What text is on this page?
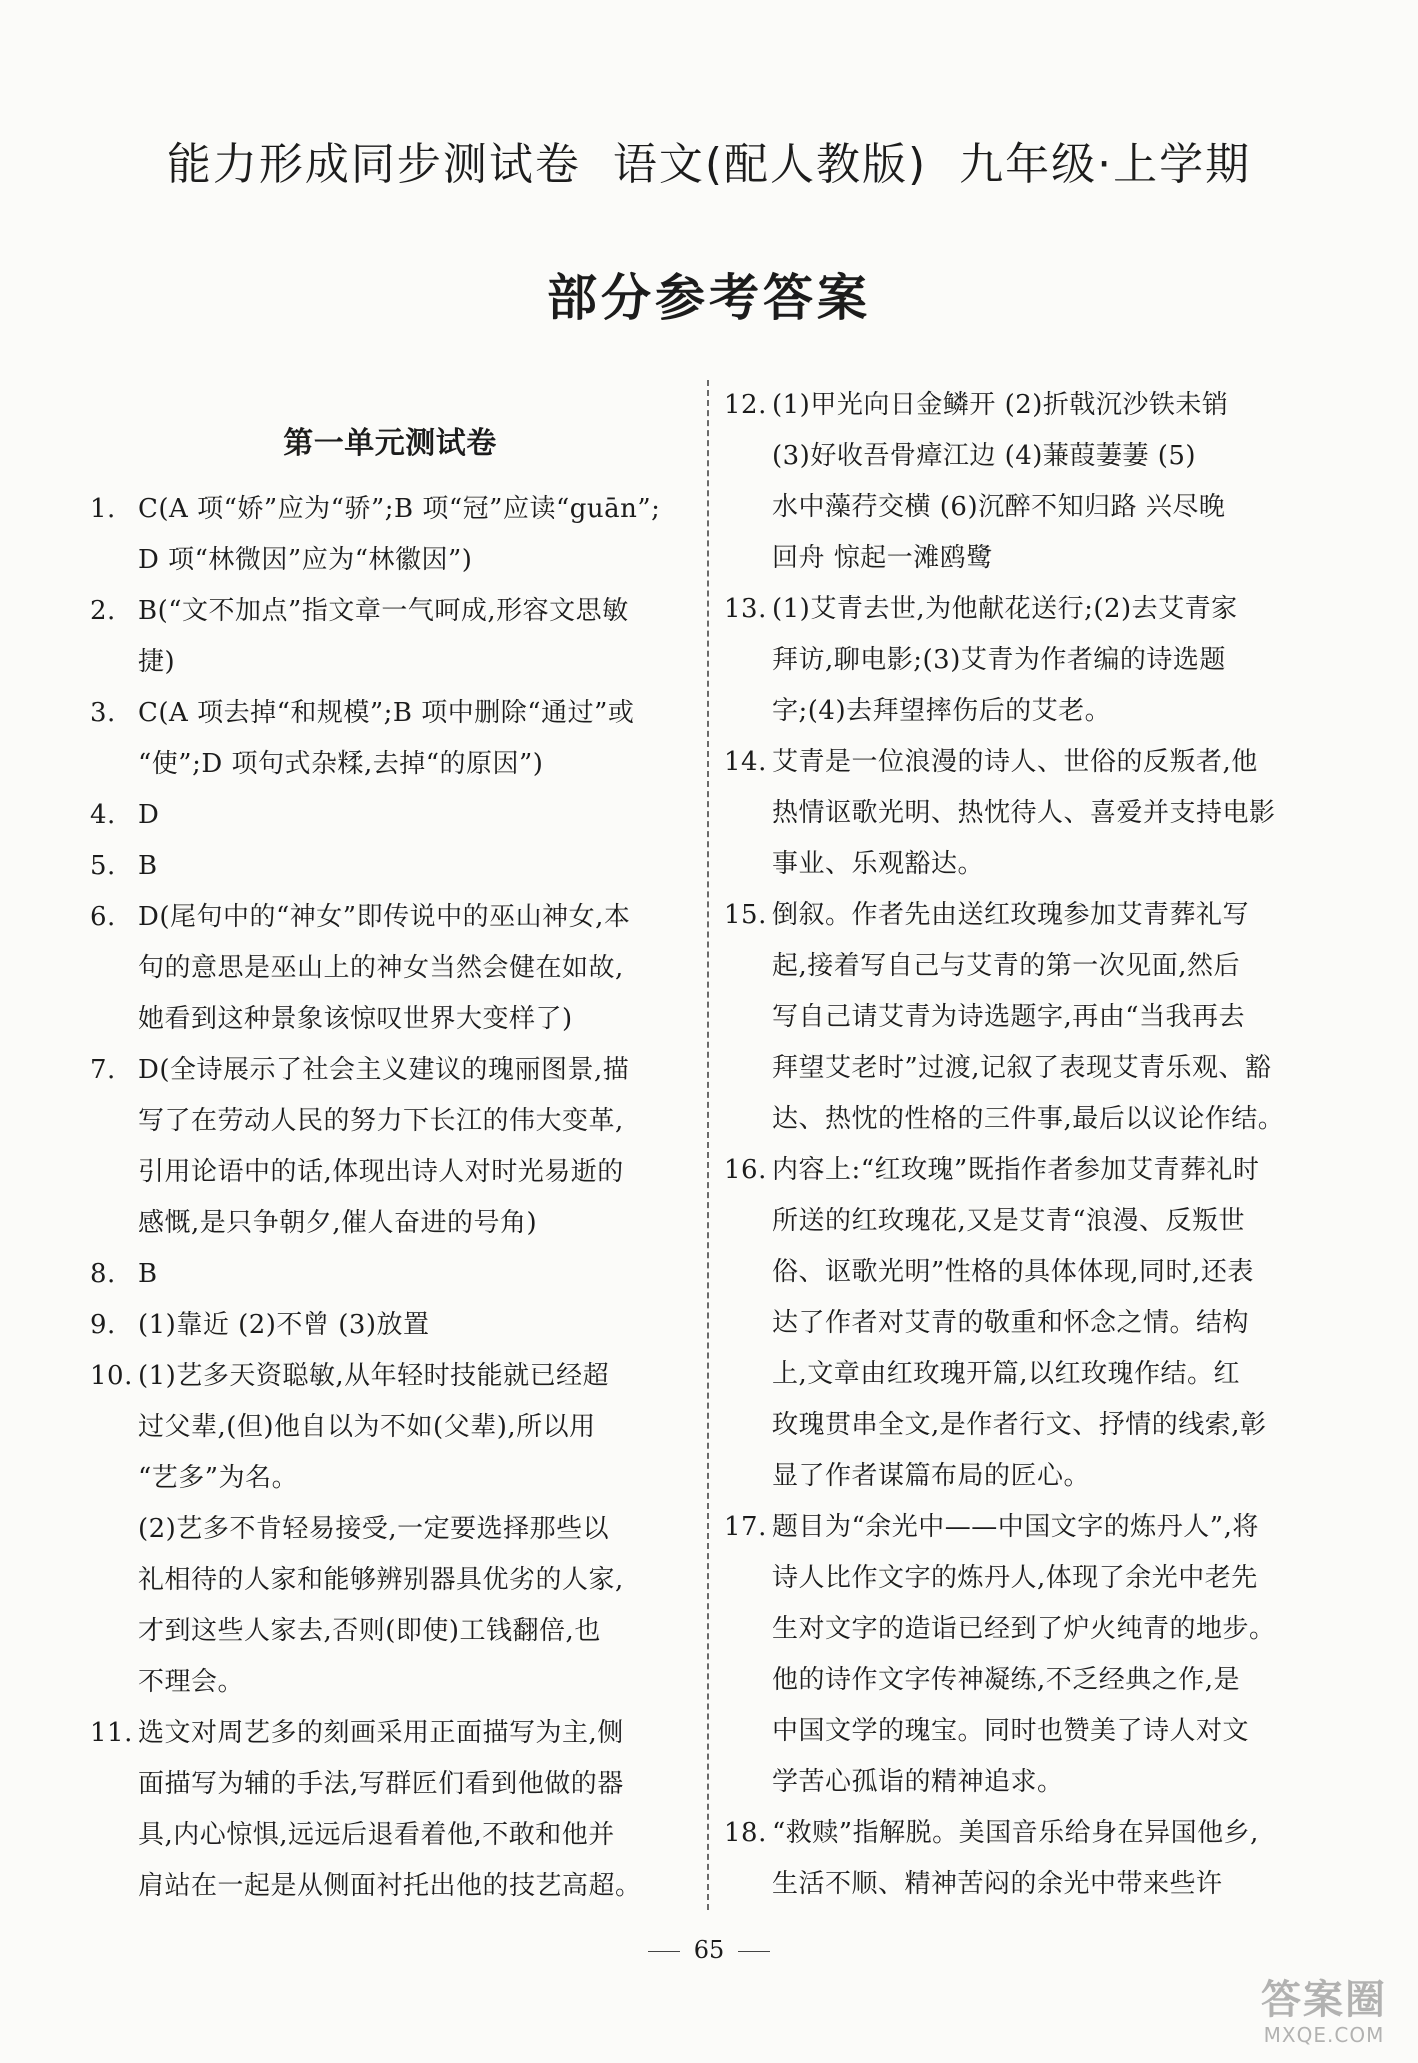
能力形成同步测试卷  语文(配人教版)  九年级·上学期
部分参考答案
第一单元测试卷
1. C(A 项“娇”应为“骄”;B 项“冠”应读“guān”;

D 项“林微因”应为“林徽因”)

2. B(“文不加点”指文章一气呵成,形容文思敏

捷)

3. C(A 项去掉“和规模”;B 项中删除“通过”或

“使”;D 项句式杂糅,去掉“的原因”)

4. D

5. B

6. D(尾句中的“神女”即传说中的巫山神女,本

句的意思是巫山上的神女当然会健在如故,

她看到这种景象该惊叹世界大变样了)

7. D(全诗展示了社会主义建议的瑰丽图景,描

写了在劳动人民的努力下长江的伟大变革,

引用论语中的话,体现出诗人对时光易逝的

感慨,是只争朝夕,催人奋进的号角)

8. B

9. (1)靠近 (2)不曾 (3)放置

10. (1)艺多天资聪敏,从年轻时技能就已经超

过父辈,(但)他自以为不如(父辈),所以用

“艺多”为名。

(2)艺多不肯轻易接受,一定要选择那些以

礼相待的人家和能够辨别器具优劣的人家,

才到这些人家去,否则(即使)工钱翻倍,也

不理会。

11. 选文对周艺多的刻画采用正面描写为主,侧

面描写为辅的手法,写群匠们看到他做的器

具,内心惊惧,远远后退看着他,不敢和他并

肩站在一起是从侧面衬托出他的技艺高超。

12. (1)甲光向日金鳞开 (2)折戟沉沙铁未销

(3)好收吾骨瘴江边 (4)蒹葭萋萋 (5)

水中藻荇交横 (6)沉醉不知归路 兴尽晚

回舟 惊起一滩鸥鹭

13. (1)艾青去世,为他献花送行;(2)去艾青家

拜访,聊电影;(3)艾青为作者编的诗选题

字;(4)去拜望摔伤后的艾老。

14. 艾青是一位浪漫的诗人、世俗的反叛者,他

热情讴歌光明、热忱待人、喜爱并支持电影

事业、乐观豁达。

15. 倒叙。作者先由送红玫瑰参加艾青葬礼写

起,接着写自己与艾青的第一次见面,然后

写自己请艾青为诗选题字,再由“当我再去

拜望艾老时”过渡,记叙了表现艾青乐观、豁

达、热忱的性格的三件事,最后以议论作结。

16. 内容上:“红玫瑰”既指作者参加艾青葬礼时

所送的红玫瑰花,又是艾青“浪漫、反叛世

俗、讴歌光明”性格的具体体现,同时,还表

达了作者对艾青的敬重和怀念之情。结构

上,文章由红玫瑰开篇,以红玫瑰作结。红

玫瑰贯串全文,是作者行文、抒情的线索,彰

显了作者谋篇布局的匠心。

17. 题目为“余光中——中国文字的炼丹人”,将

诗人比作文字的炼丹人,体现了余光中老先

生对文字的造诣已经到了炉火纯青的地步。

他的诗作文字传神凝练,不乏经典之作,是

中国文学的瑰宝。同时也赞美了诗人对文

学苦心孤诣的精神追求。

18. “救赎”指解脱。美国音乐给身在异国他乡,

生活不顺、精神苦闷的余光中带来些许

65
答案圈
MXQE.COM
